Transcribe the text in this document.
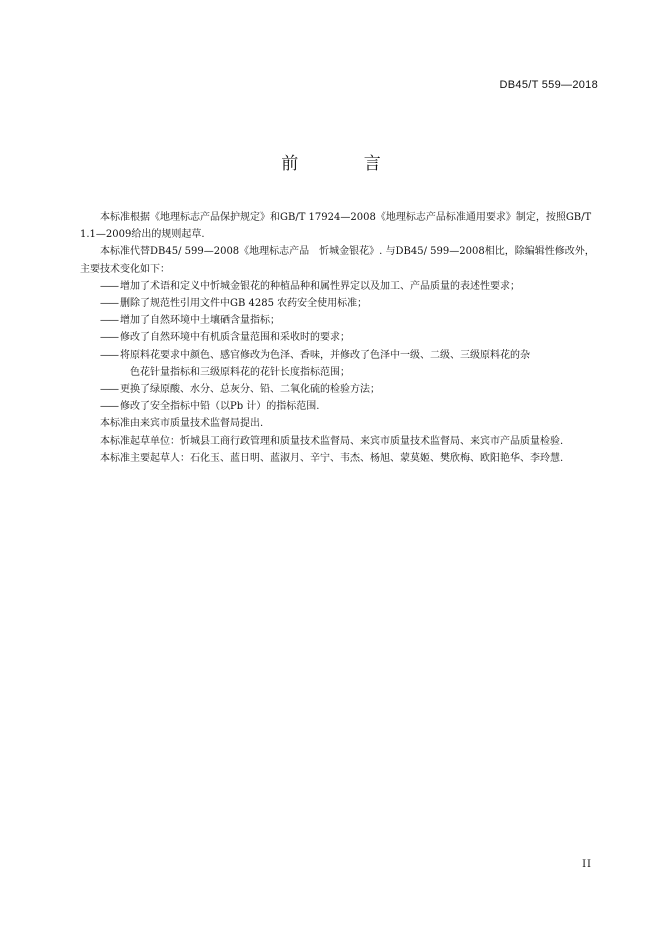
DB45/T 559—2018
前 言
本标准根据《地理标志产品保护规定》和GB/T 17924—2008《地理标志产品标准通用要求》制定，按照GB/T 1.1—2009给出的规则起草.
本标准代替DB45/ 599—2008《地理标志产品　忻城金银花》. 与DB45/ 599—2008相比，除编辑性修改外，主要技术变化如下：
—— 增加了术语和定义中忻城金银花的种植品种和属性界定以及加工、产品质量的表述性要求；
—— 删除了规范性引用文件中GB 4285 农药安全使用标准；
—— 增加了自然环境中土壤硒含量指标；
—— 修改了自然环境中有机质含量范围和采收时的要求；
—— 将原料花要求中颜色、感官修改为色泽、香味，并修改了色泽中一级、二级、三级原料花的杂
色花针量指标和三级原料花的花针长度指标范围；
—— 更换了绿原酸、水分、总灰分、铅、二氧化硫的检验方法；
—— 修改了安全指标中铅（以Pb 计）的指标范围.
本标准由来宾市质量技术监督局提出.
本标准起草单位：忻城县工商行政管理和质量技术监督局、来宾市质量技术监督局、来宾市产品质量检验.
本标准主要起草人：石化玉、蓝日明、蓝淑月、辛宁、韦杰、杨旭、蒙莫姬、樊欣梅、欧阳艳华、李玲慧.
II
